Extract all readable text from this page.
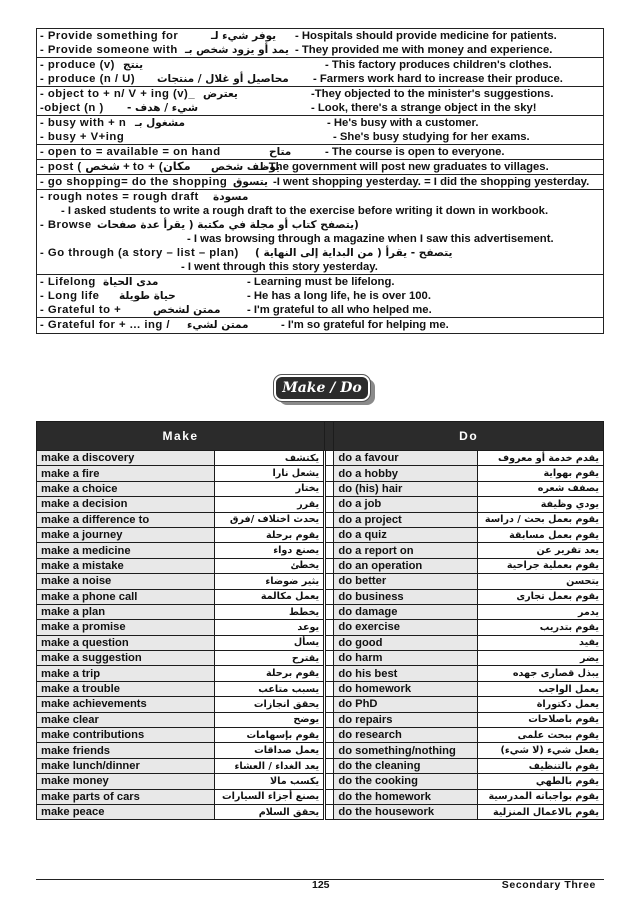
- Provide something for	يوفر شيء لـ - Hospitals should provide medicine for patients.
- Provide someone with يمد أو يزود شخص بـ - They provided me with money and experience.
- produce (v) ينتج	- This factory produces children's clothes.
- produce (n / U) محاصيل أو غلال / منتجات - Farmers work hard to increase their produce.
- object to + n/ V + ing (v)_ يعترض	-They objected to the minister's suggestions.
-object (n ) شيء / هدف -	- Look, there's a strange object in the sky!
- busy with + n مشغول بـ	- He's busy with a customer.
- busy + V+ing	- She's busy studying for her exams.
- open to = available = on hand	متاح	- The course is open to everyone.
- post ( شخص + to + (مكان يوظف شخص
-The government will post new graduates to villages.
- go shopping= do the shopping يتسوق -I went shopping yesterday. = I did the shopping yesterday.
- rough notes = rough draft مسودة
- I asked students to write a rough draft to the exercise before writing it down in workbook.
- Browse (يتصفح كتاب أو مجلة في مكتبة ( يقرأ عدة صفحات
- I was browsing through a magazine when I saw this advertisement.
- Go through (a story – list – plan) يتصفح - يقرأ ( من البداية إلى النهاية )
- I went through this story yesterday.
- Lifelong مدى الحياة	- Learning must be lifelong.
- Long life حياة طويلة	- He has a long life, he is over 100.
- Grateful to +	ممتن لشخص - I'm grateful to all who helped me.
- Grateful for + ... ing / ممتن لشيء	- I'm so grateful for helping me.
Make / Do
Make			Do	
make a discovery	يكتشف		do a favour	يقدم خدمة أو معروف
make a fire	يشعل نارا		do a hobby	يقوم بهواية
make a choice	يختار		do (his) hair	يصفف شعره
make a decision	يقرر		do a job	يودي وظيفة
make a difference to	يحدث اختلاف /فرق		do a project	يقوم بعمل بحث / دراسة
make a journey	يقوم برحلة		do a quiz	يقوم بعمل مسابقة
make a medicine	يصنع دواء		do a report on	يعد تقرير عن
make a mistake	يخطئ		do an operation	يقوم بعملية جراحية
make a noise	يثير ضوضاء		do better	يتحسن
make a phone call	يعمل مكالمة		do business	يقوم بعمل تجارى
make a plan	يخطط		do damage	يدمر
make a promise	يوعد		do exercise	يقوم بتدريب
make a question	يسأل		do good	يفيد
make a suggestion	يقترح		do harm	يضر
make a trip	يقوم برحلة		do his best	يبذل قصارى جهده
make a trouble	يسبب متاعب		do homework	يعمل الواجب
make achievements	يحقق انجازات		do PhD	يعمل دكتوراة
make clear	يوضح		do repairs	يقوم باصلاحات
make contributions	يقوم بإسهامات		do research	يقوم ببحث علمى
make friends	يعمل صداقات		do something/nothing	يفعل شيء (لا شيء)
make lunch/dinner	يعد الغداء / العشاء		do the cleaning	يقوم بالتنظيف
make money	يكسب مالا		do the cooking	يقوم بالطهي
make parts of cars	يصنع أجزاء السيارات		do the homework	يقوم بواجباته المدرسية
make peace	يحقق السلام		do the housework	يقوم بالاعمال المنزلية
125	Secondary Three
